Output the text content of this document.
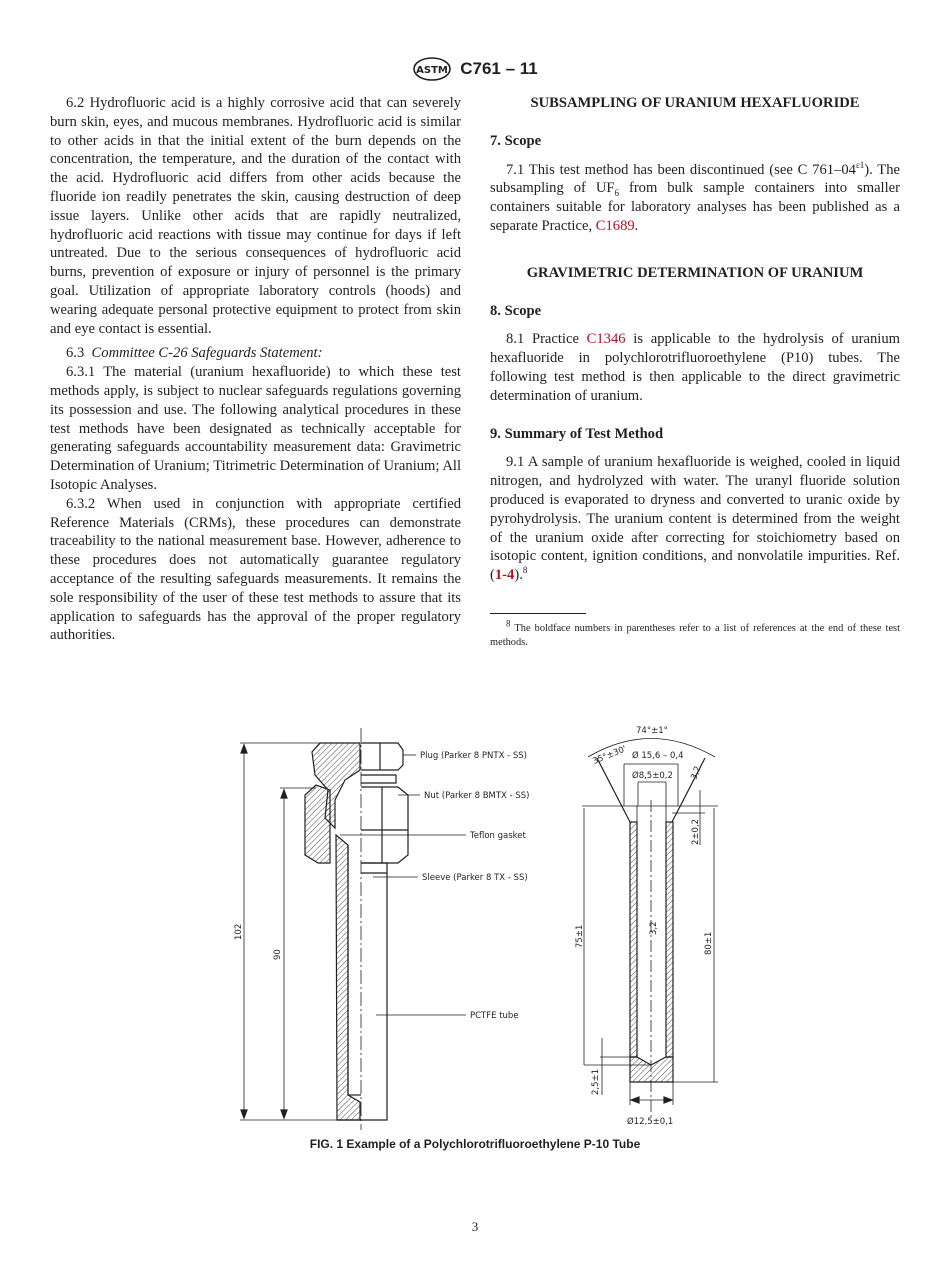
ASTM C761 – 11

6.2 Hydrofluoric acid is a highly corrosive acid that can severely burn skin, eyes, and mucous membranes. Hydrofluoric acid is similar to other acids in that the initial extent of the burn depends on the concentration, the temperature, and the duration of the contact with the acid. Hydrofluoric acid differs from other acids because the fluoride ion readily penetrates the skin, causing destruction of deep issue layers. Unlike other acids that are rapidly neutralized, hydrofluoric acid reactions with tissue may continue for days if left untreated. Due to the serious consequences of hydrofluoric acid burns, prevention of exposure or injury of personnel is the primary goal. Utilization of appropriate laboratory controls (hoods) and wearing adequate personal protective equipment to protect from skin and eye contact is essential.

6.3 Committee C-26 Safeguards Statement:

6.3.1 The material (uranium hexafluoride) to which these test methods apply, is subject to nuclear safeguards regulations governing its possession and use. The following analytical procedures in these test methods have been designated as technically acceptable for generating safeguards accountability measurement data: Gravimetric Determination of Uranium; Titrimetric Determination of Uranium; All Isotopic Analyses.

6.3.2 When used in conjunction with appropriate certified Reference Materials (CRMs), these procedures can demonstrate traceability to the national measurement base. However, adherence to these procedures does not automatically guarantee regulatory acceptance of the resulting safeguards measurements. It remains the sole responsibility of the user of these test methods to assure that its application to safeguards has the approval of the proper regulatory authorities.

SUBSAMPLING OF URANIUM HEXAFLUORIDE

7. Scope

7.1 This test method has been discontinued (see C $761-04^{\varepsilon 1}$). The subsampling of $UF_6$ from bulk sample containers into smaller containers suitable for laboratory analyses has been published as a separate Practice, C1689.

GRAVIMETRIC DETERMINATION OF URANIUM

8. Scope

8.1 Practice C1346 is applicable to the hydrolysis of uranium hexafluoride in polychlorotrifluoroethylene (P10) tubes. The following test method is then applicable to the direct gravimetric determination of uranium.

9. Summary of Test Method

9.1 A sample of uranium hexafluoride is weighed, cooled in liquid nitrogen, and hydrolyzed with water. The uranyl fluoride solution produced is evaporated to dryness and converted to uranic oxide by pyrohydrolysis. The uranium content is determined from the weight of the uranium oxide after correcting for stoichiometry based on isotopic content, ignition conditions, and nonvolatile impurities. Ref. (1-4).$^8$

$^8$ The boldface numbers in parentheses refer to a list of references at the end of these test methods.

Plug (Parker 8 PNTX - SS)
Nut (Parker 8 BMTX - SS)
Teflon gasket
Sleeve (Parker 8 TX - SS)
PCTFE tube
102
90
74°±1°
35°±30' Ø 15,6 – 0,4
Ø8,5±0,2 3,2
2±0,2
75±1	3,2
80±1
2,5±1
Ø12,5±0,1
FIG. 1 Example of a Polychlorotrifluoroethylene P-10 Tube
3
